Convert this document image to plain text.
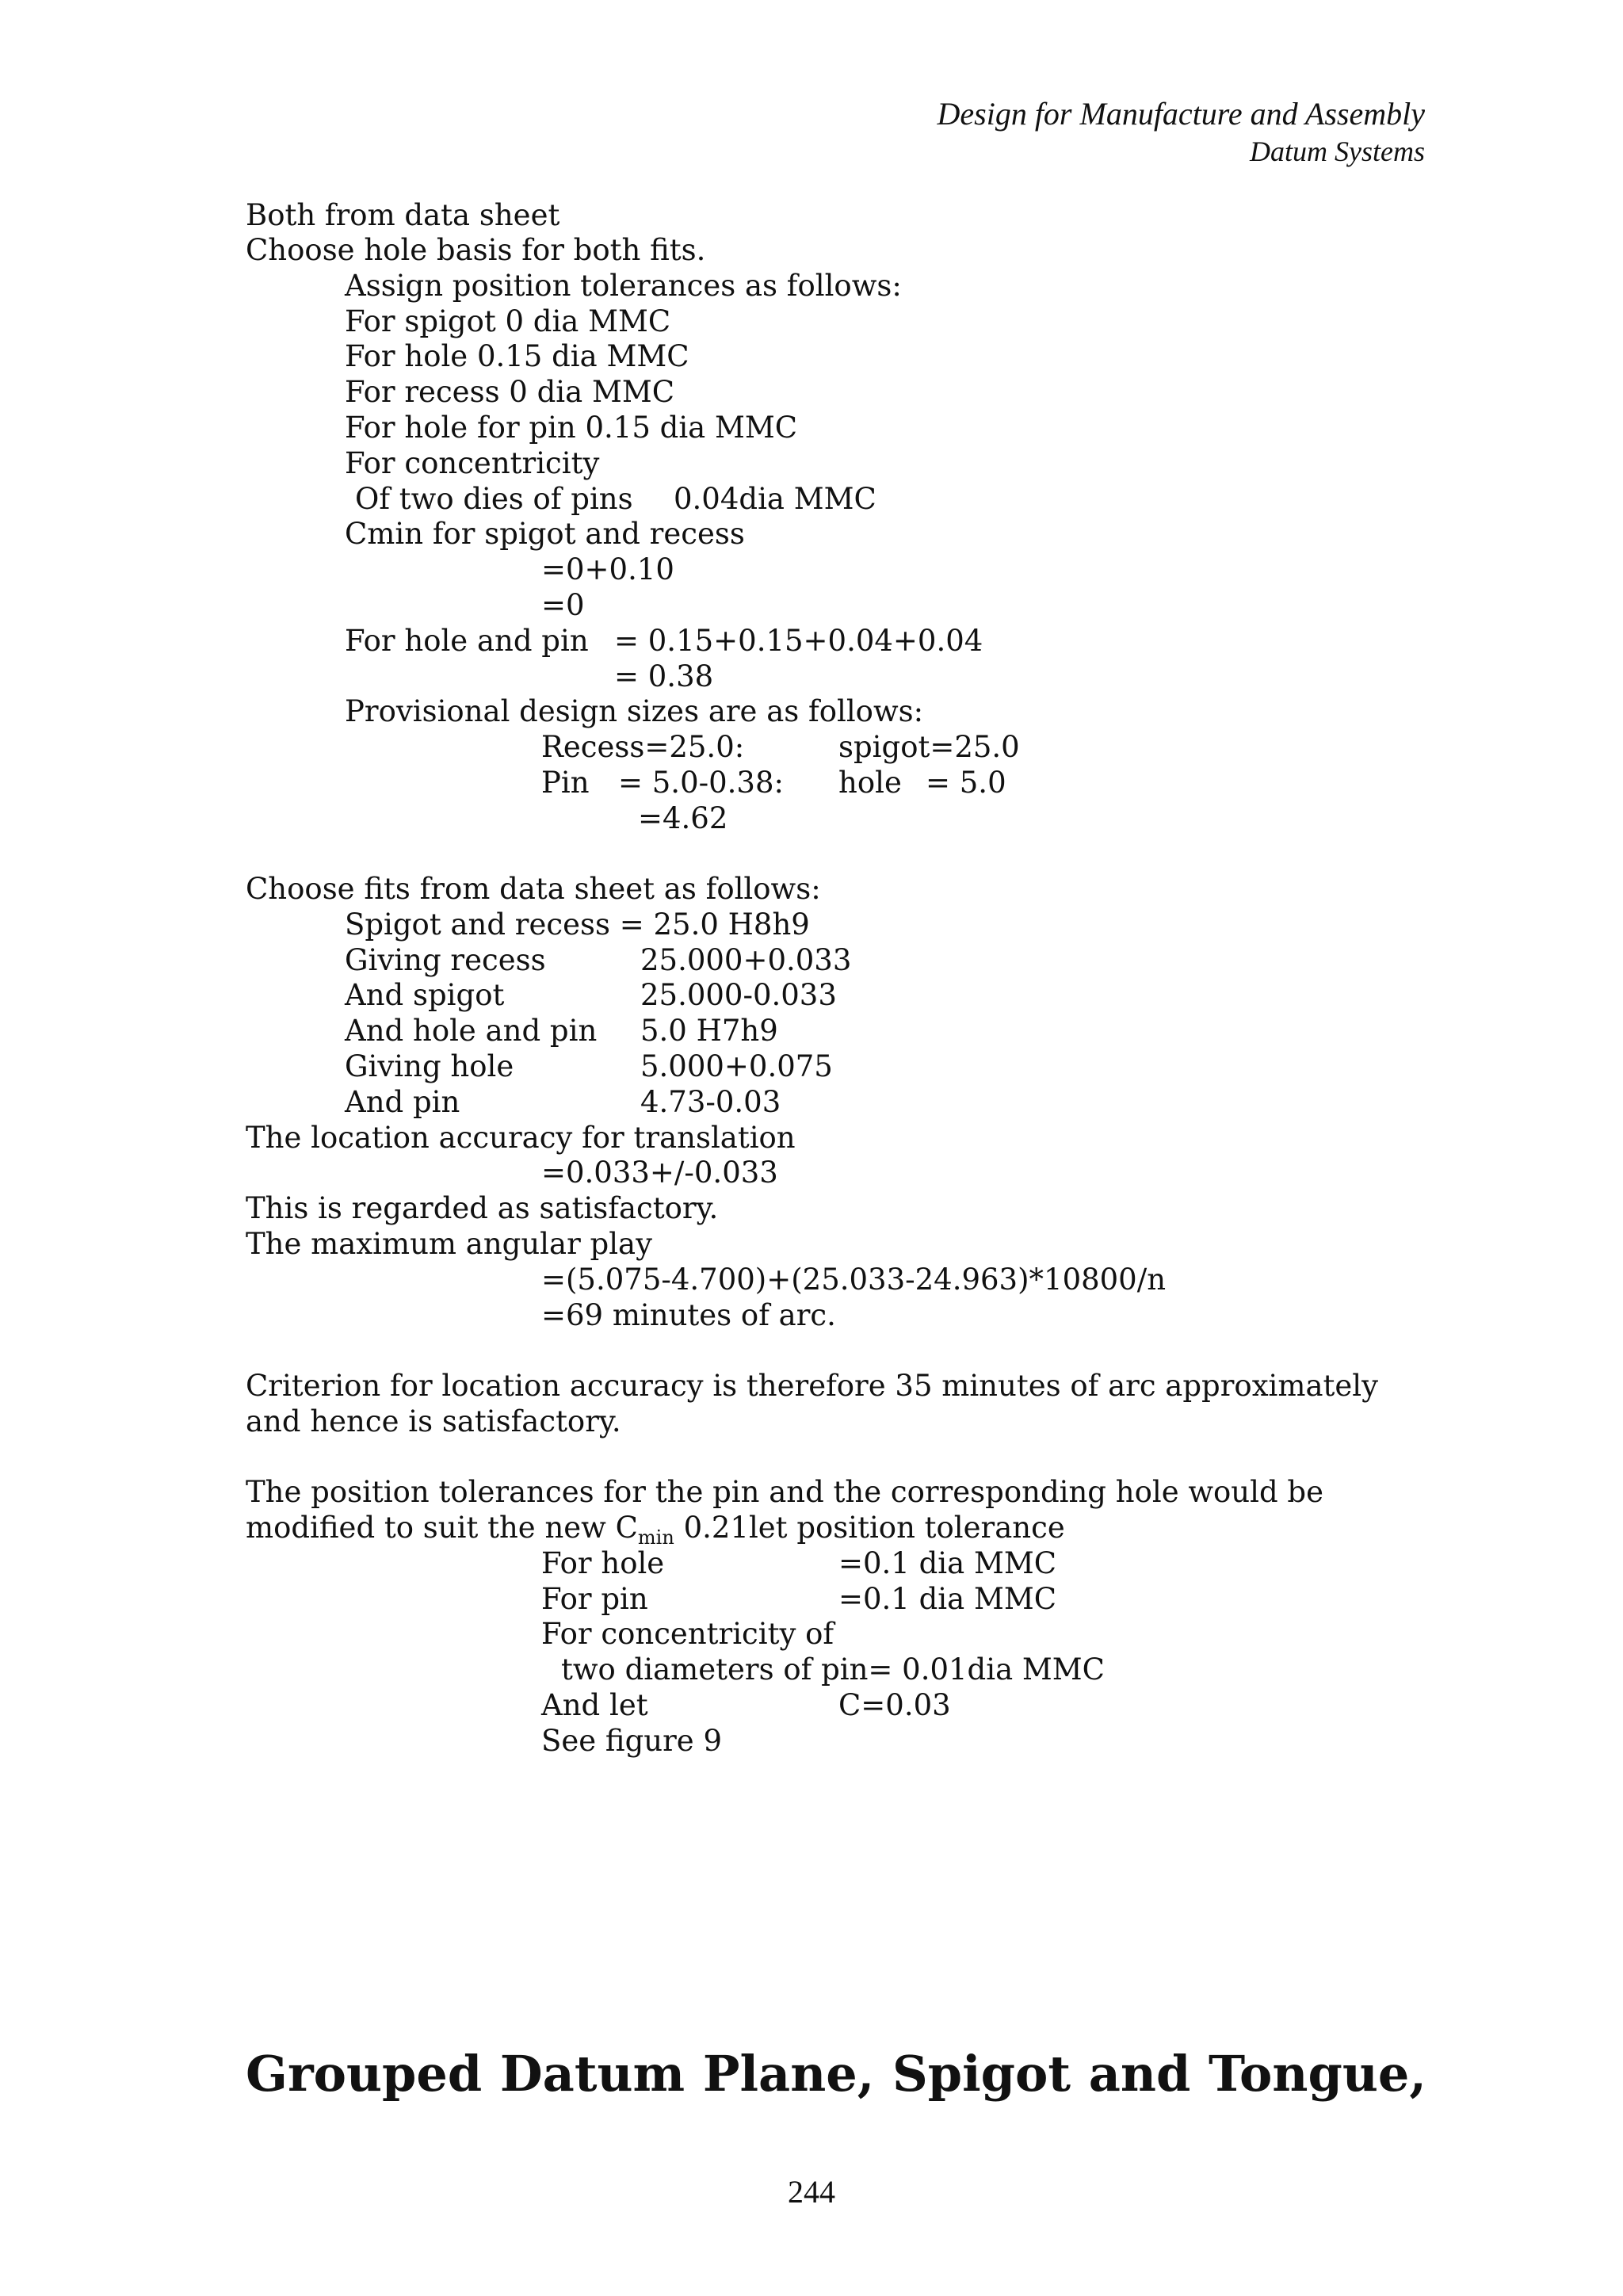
Design for Manufacture and Assembly
Datum Systems
Both from data sheet
Choose hole basis for both fits.
Assign position tolerances as follows:
For spigot 0 dia MMC
For hole 0.15 dia MMC
For recess 0 dia MMC
For hole for pin 0.15 dia MMC
For concentricity
Of two dies of pins 0.04dia MMC
Cmin for spigot and recess
=0+0.10
=0
For hole and pin = 0.15+0.15+0.04+0.04
= 0.38
Provisional design sizes are as follows:
Recess=25.0:	spigot=25.0
Pin = 5.0-0.38: hole = 5.0
=4.62
Choose fits from data sheet as follows:
Spigot and recess = 25.0 H8h9
Giving recess	25.000+0.033
And spigot	25.000-0.033
And hole and pin 5.0 H7h9
Giving hole	5.000+0.075
And pin	4.73-0.03
The location accuracy for translation
=0.033+/-0.033
This is regarded as satisfactory.
The maximum angular play
=(5.075-4.700)+(25.033-24.963)*10800/n
=69 minutes of arc.
Criterion for location accuracy is therefore 35 minutes of arc approximately
and hence is satisfactory.
The position tolerances for the pin and the corresponding hole would be
modified to suit the new $C_{min}$ 0.21let position tolerance
For hole	=0.1 dia MMC
For pin	=0.1 dia MMC
For concentricity of
two diameters of pin= 0.01dia MMC
And let	C=0.03
See figure 9
Grouped Datum Plane, Spigot and Tongue,
244
